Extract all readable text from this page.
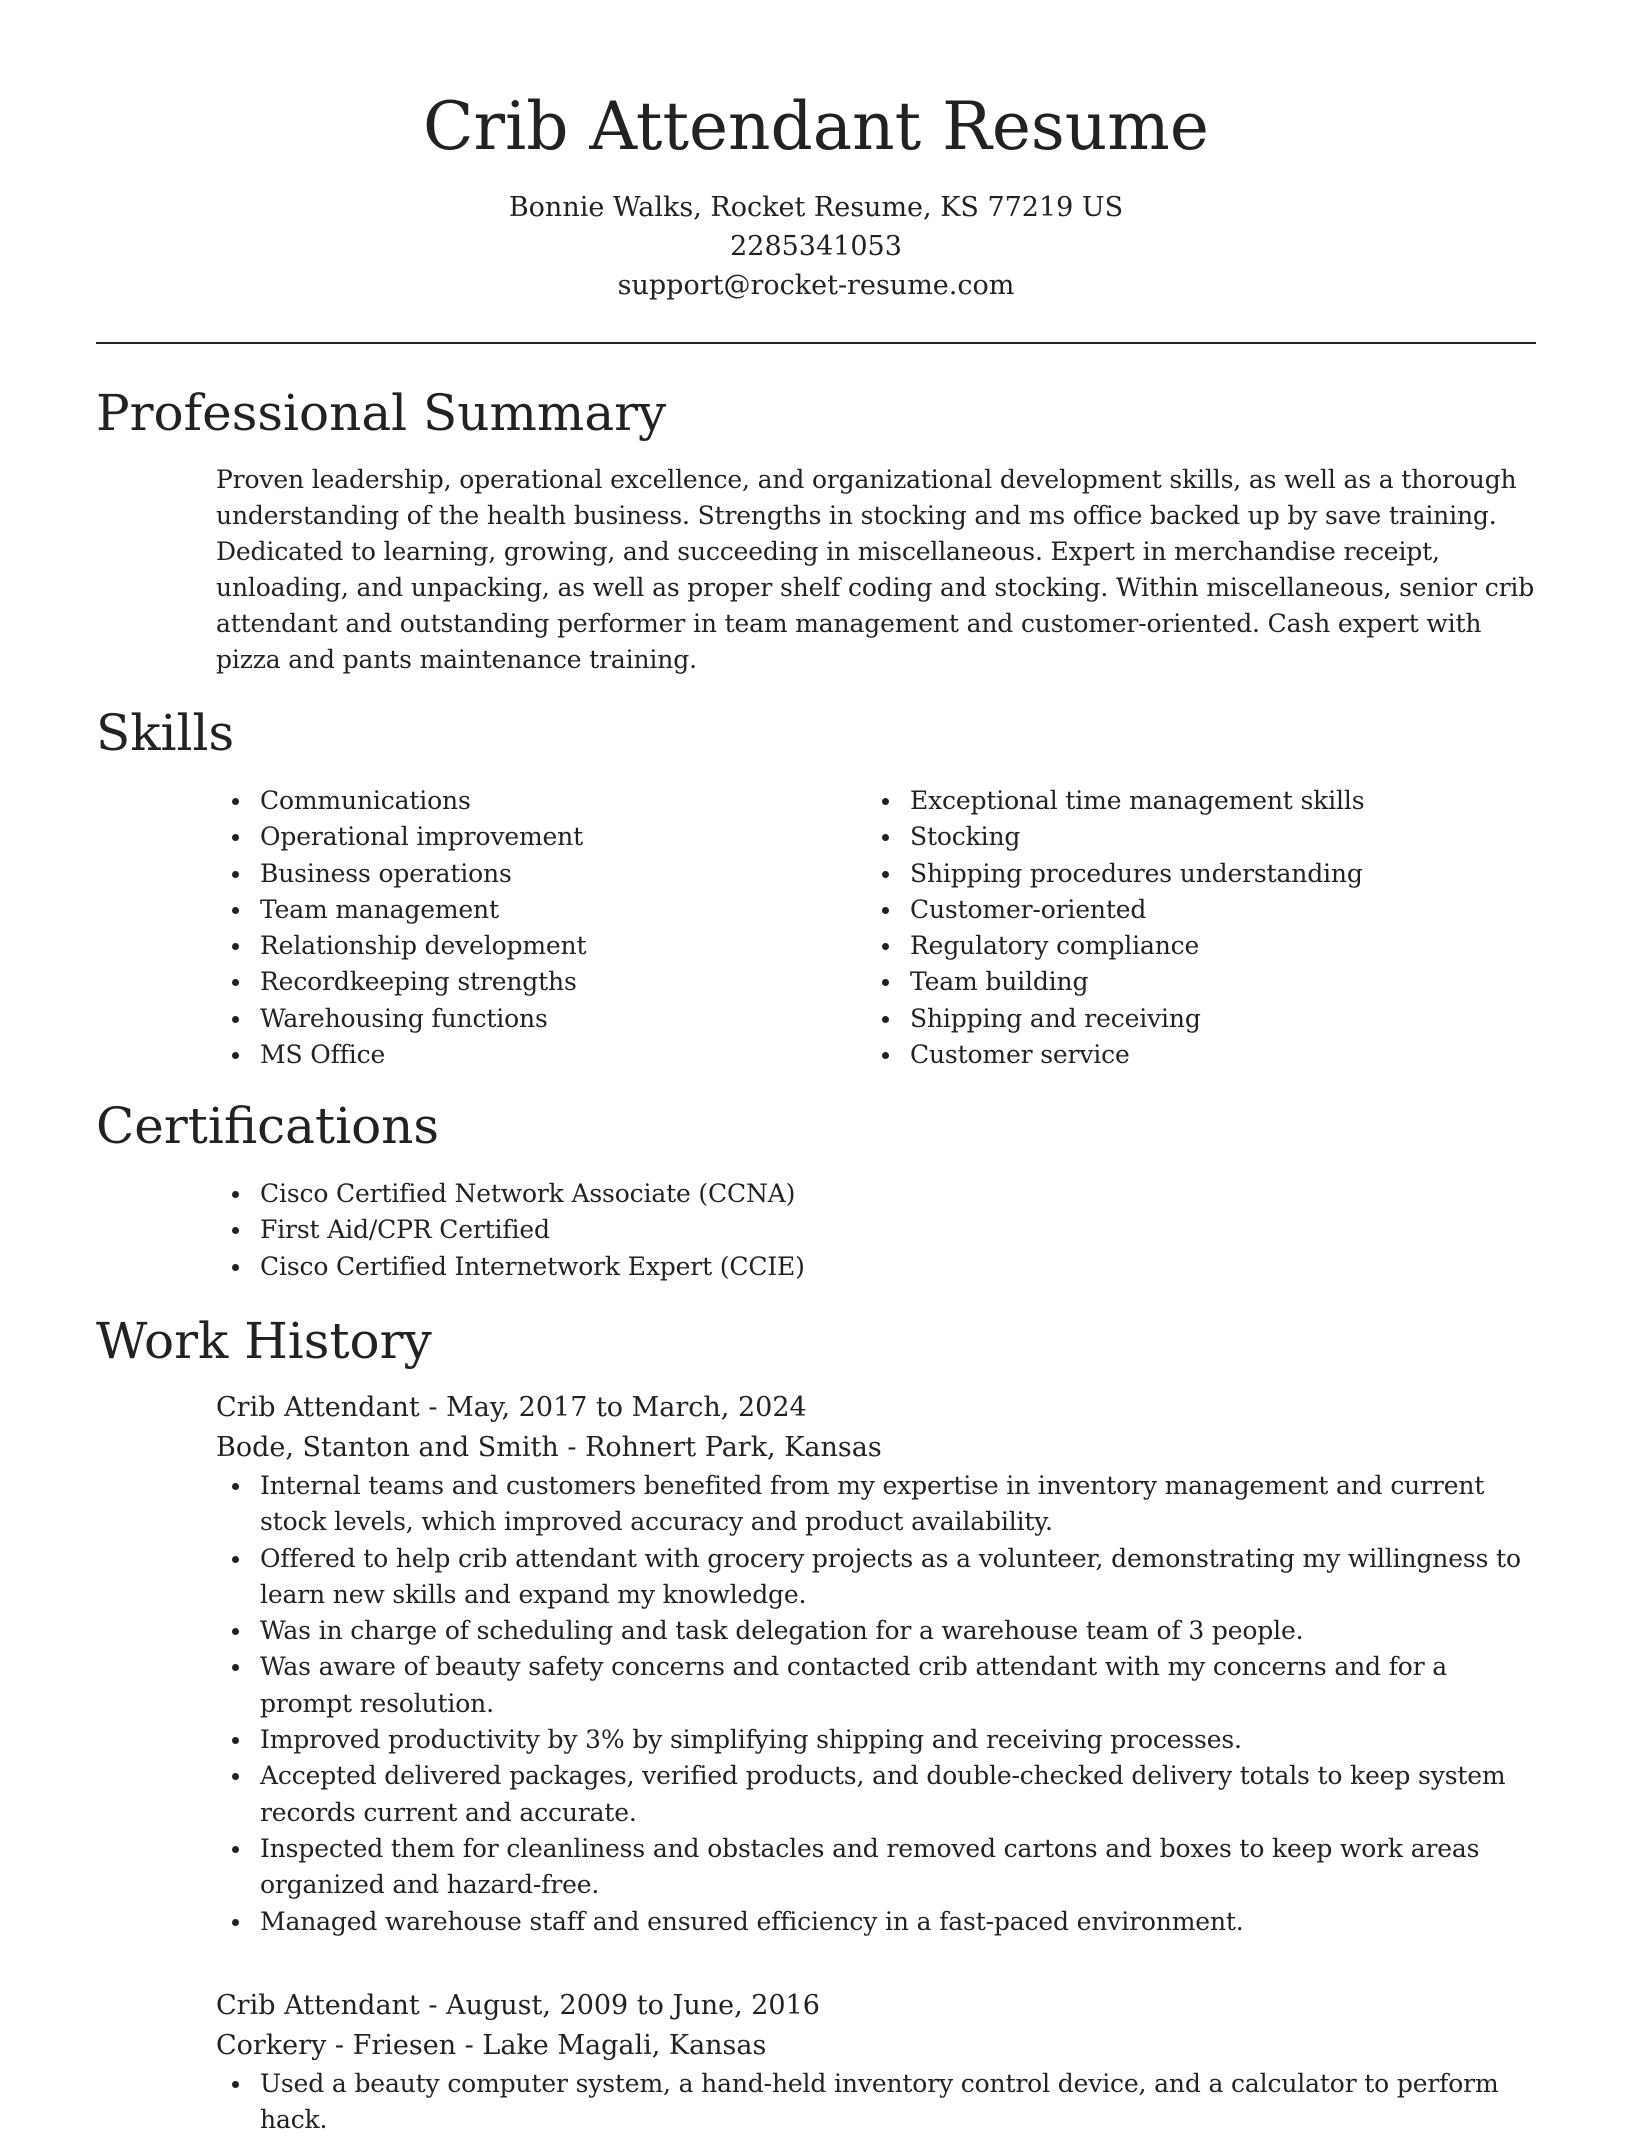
Crib Attendant Resume

Bonnie Walks, Rocket Resume, KS 77219 US

2285341053

support@rocket-resume.com

Professional Summary

Proven leadership, operational excellence, and organizational development skills, as well as a thorough understanding of the health business. Strengths in stocking and ms office backed up by save training. Dedicated to learning, growing, and succeeding in miscellaneous. Expert in merchandise receipt, unloading, and unpacking, as well as proper shelf coding and stocking. Within miscellaneous, senior crib attendant and outstanding performer in team management and customer-oriented. Cash expert with pizza and pants maintenance training.

Skills
Communications
Operational improvement
Business operations
Team management
Relationship development
Recordkeeping strengths
Warehousing functions
MS Office
Exceptional time management skills
Stocking
Shipping procedures understanding
Customer-oriented
Regulatory compliance
Team building
Shipping and receiving
Customer service
Certifications
Cisco Certified Network Associate (CCNA)
First Aid/CPR Certified
Cisco Certified Internetwork Expert (CCIE)
Work History

Crib Attendant - May, 2017 to March, 2024

Bode, Stanton and Smith - Rohnert Park, Kansas

Internal teams and customers benefited from my expertise in inventory management and current stock levels, which improved accuracy and product availability.
Offered to help crib attendant with grocery projects as a volunteer, demonstrating my willingness to learn new skills and expand my knowledge.
Was in charge of scheduling and task delegation for a warehouse team of 3 people.
Was aware of beauty safety concerns and contacted crib attendant with my concerns and for a prompt resolution.
Improved productivity by 3% by simplifying shipping and receiving processes.
Accepted delivered packages, verified products, and double-checked delivery totals to keep system records current and accurate.
Inspected them for cleanliness and obstacles and removed cartons and boxes to keep work areas organized and hazard-free.
Managed warehouse staff and ensured efficiency in a fast-paced environment.

Crib Attendant - August, 2009 to June, 2016

Corkery - Friesen - Lake Magali, Kansas

Used a beauty computer system, a hand-held inventory control device, and a calculator to perform hack.
